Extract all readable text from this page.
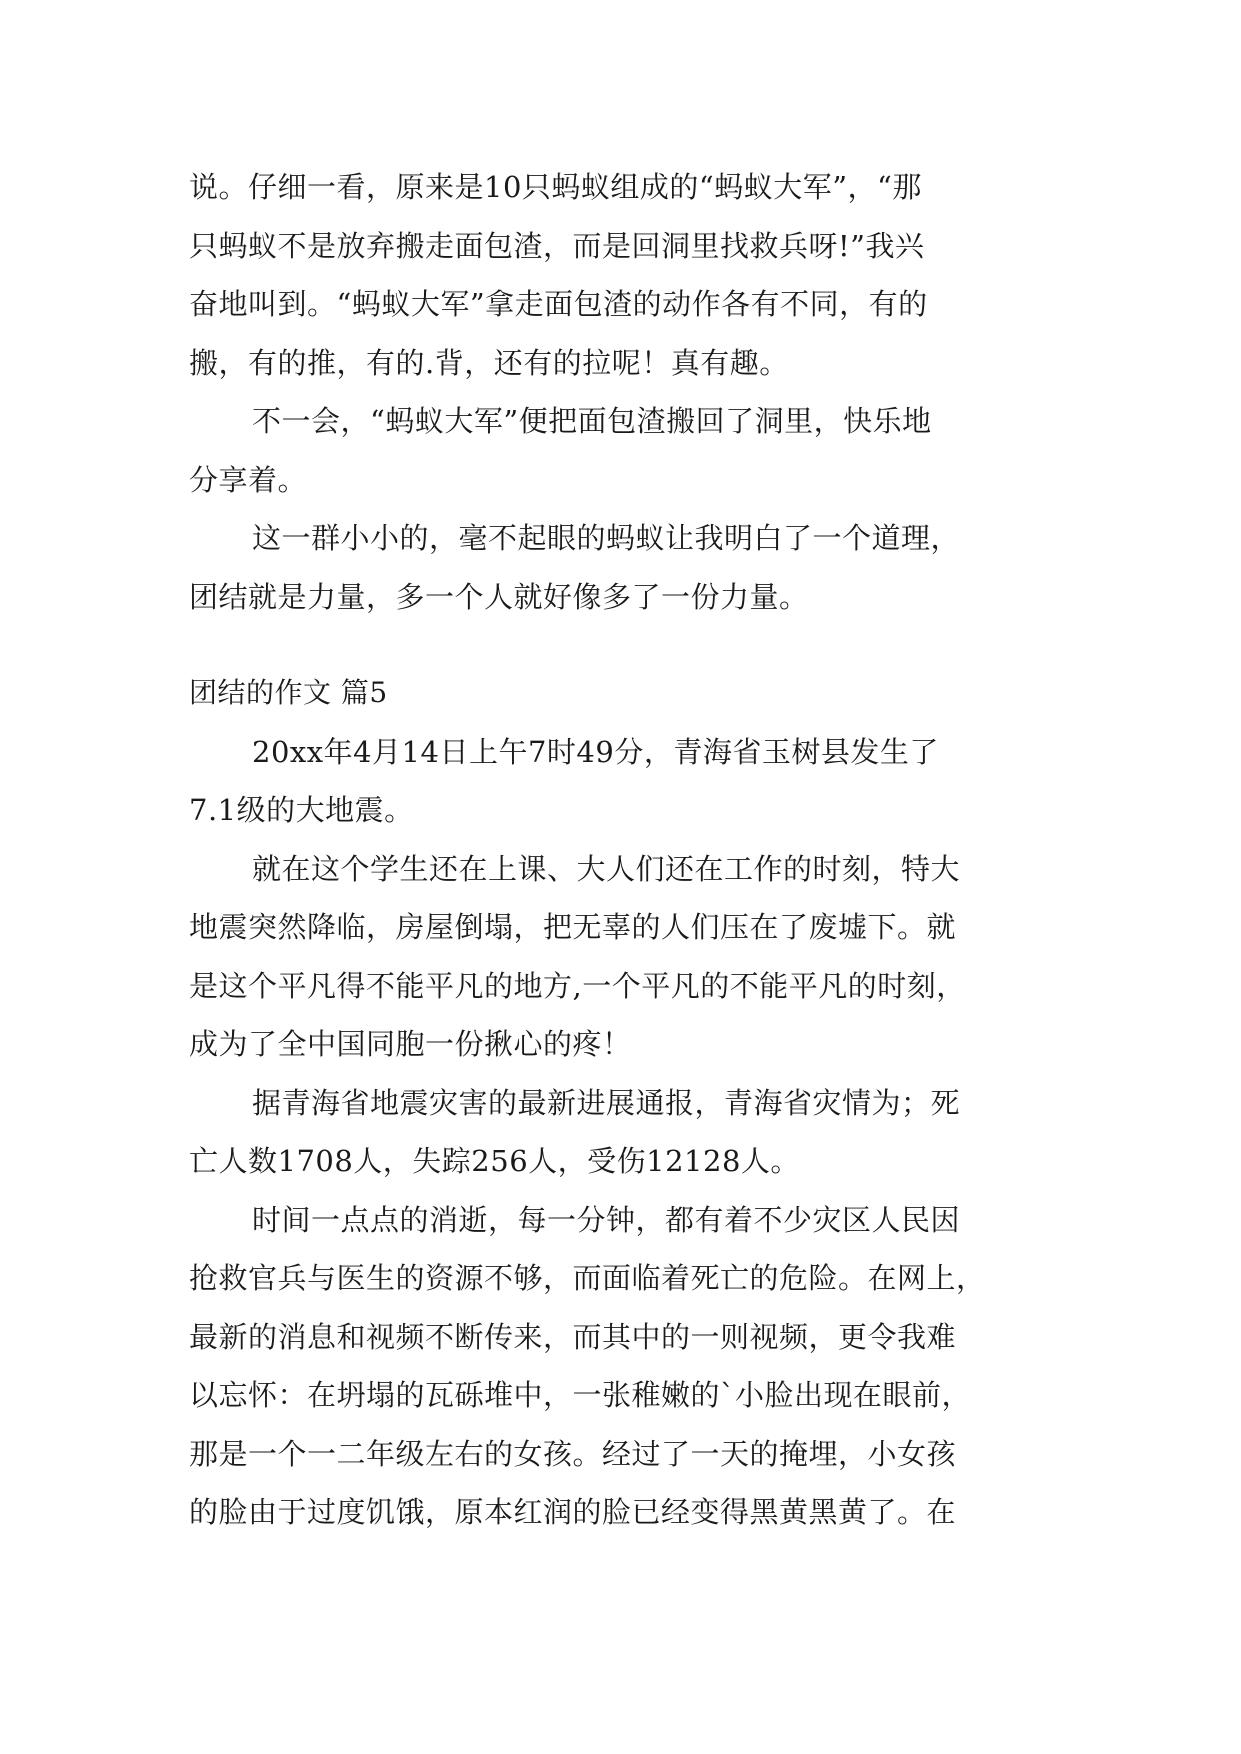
说。仔细一看，原来是10只蚂蚁组成的“蚂蚁大军”，“那
只蚂蚁不是放弃搬走面包渣，而是回洞里找救兵呀!”我兴
奋地叫到。“蚂蚁大军”拿走面包渣的动作各有不同，有的
搬，有的推，有的.背，还有的拉呢！真有趣。
不一会，“蚂蚁大军”便把面包渣搬回了洞里，快乐地
分享着。
这一群小小的，毫不起眼的蚂蚁让我明白了一个道理，
团结就是力量，多一个人就好像多了一份力量。
团结的作文 篇5
20xx年4月14日上午7时49分，青海省玉树县发生了
7.1级的大地震。
就在这个学生还在上课、大人们还在工作的时刻，特大
地震突然降临，房屋倒塌，把无辜的人们压在了废墟下。就
是这个平凡得不能平凡的地方,一个平凡的不能平凡的时刻，
成为了全中国同胞一份揪心的疼！
据青海省地震灾害的最新进展通报，青海省灾情为；死
亡人数1708人，失踪256人，受伤12128人。
时间一点点的消逝，每一分钟，都有着不少灾区人民因
抢救官兵与医生的资源不够，而面临着死亡的危险。在网上，
最新的消息和视频不断传来，而其中的一则视频，更令我难
以忘怀：在坍塌的瓦砾堆中，一张稚嫩的`小脸出现在眼前，
那是一个一二年级左右的女孩。经过了一天的掩埋，小女孩
的脸由于过度饥饿，原本红润的脸已经变得黑黄黑黄了。在
